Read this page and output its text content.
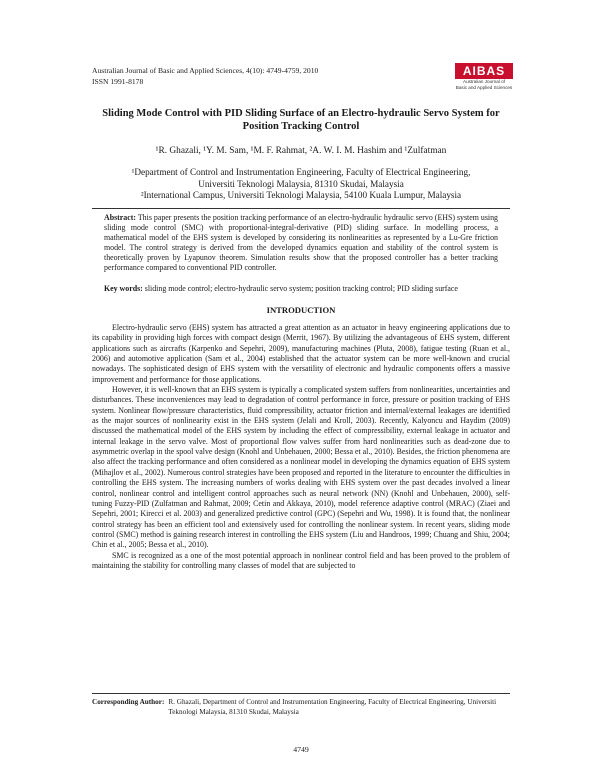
Australian Journal of Basic and Applied Sciences, 4(10): 4749-4759, 2010
ISSN 1991-8178
AIBAS
Australian Journal of
Basic and Applied Sciences
Sliding Mode Control with PID Sliding Surface of an Electro-hydraulic Servo System for Position Tracking Control
¹R. Ghazali, ¹Y. M. Sam, ¹M. F. Rahmat, ²A. W. I. M. Hashim and ¹Zulfatman
¹Department of Control and Instrumentation Engineering, Faculty of Electrical Engineering,
Universiti Teknologi Malaysia, 81310 Skudai, Malaysia
²International Campus, Universiti Teknologi Malaysia, 54100 Kuala Lumpur, Malaysia
Abstract: This paper presents the position tracking performance of an electro-hydraulic hydraulic servo (EHS) system using sliding mode control (SMC) with proportional-integral-derivative (PID) sliding surface. In modelling process, a mathematical model of the EHS system is developed by considering its nonlinearities as represented by a Lu-Gre friction model. The control strategy is derived from the developed dynamics equation and stability of the control system is theoretically proven by Lyapunov theorem. Simulation results show that the proposed controller has a better tracking performance compared to conventional PID controller.
Key words: sliding mode control; electro-hydraulic servo system; position tracking control; PID sliding surface
INTRODUCTION

Electro-hydraulic servo (EHS) system has attracted a great attention as an actuator in heavy engineering applications due to its capability in providing high forces with compact design (Merrit, 1967). By utilizing the advantageous of EHS system, different applications such as aircrafts (Karpenko and Sepehri, 2009), manufacturing machines (Pluta, 2008), fatigue testing (Ruan et al., 2006) and automotive application (Sam et al., 2004) established that the actuator system can be more well-known and crucial nowadays. The sophisticated design of EHS system with the versatility of electronic and hydraulic components offers a massive improvement and performance for those applications.

However, it is well-known that an EHS system is typically a complicated system suffers from nonlinearities, uncertainties and disturbances. These inconveniences may lead to degradation of control performance in force, pressure or position tracking of EHS system. Nonlinear flow/pressure characteristics, fluid compressibility, actuator friction and internal/external leakages are identified as the major sources of nonlinearity exist in the EHS system (Jelali and Kroll, 2003). Recently, Kalyoncu and Haydim (2009) discussed the mathematical model of the EHS system by including the effect of compressibility, external leakage in actuator and internal leakage in the servo valve. Most of proportional flow valves suffer from hard nonlinearities such as dead-zone due to asymmetric overlap in the spool valve design (Knohl and Unbehauen, 2000; Bessa et al., 2010). Besides, the friction phenomena are also affect the tracking performance and often considered as a nonlinear model in developing the dynamics equation of EHS system (Mihajlov et al., 2002). Numerous control strategies have been proposed and reported in the literature to encounter the difficulties in controlling the EHS system. The increasing numbers of works dealing with EHS system over the past decades involved a linear control, nonlinear control and intelligent control approaches such as neural network (NN) (Knohl and Unbehauen, 2000), self-tuning Fuzzy-PID (Zulfatman and Rahmat, 2009; Cetin and Akkaya, 2010), model reference adaptive control (MRAC) (Ziaei and Sepehri, 2001; Kirecci et al. 2003) and generalized predictive control (GPC) (Sepehri and Wu, 1998). It is found that, the nonlinear control strategy has been an efficient tool and extensively used for controlling the nonlinear system. In recent years, sliding mode control (SMC) method is gaining research interest in controlling the EHS system (Liu and Handroos, 1999; Chuang and Shiu, 2004; Chin et al., 2005; Bessa et al., 2010).

SMC is recognized as a one of the most potential approach in nonlinear control field and has been proved to the problem of maintaining the stability for controlling many classes of model that are subjected to

Corresponding Author: R. Ghazali, Department of Control and Instrumentation Engineering, Faculty of Electrical Engineering, Universiti Teknologi Malaysia, 81310 Skudai, Malaysia
4749
